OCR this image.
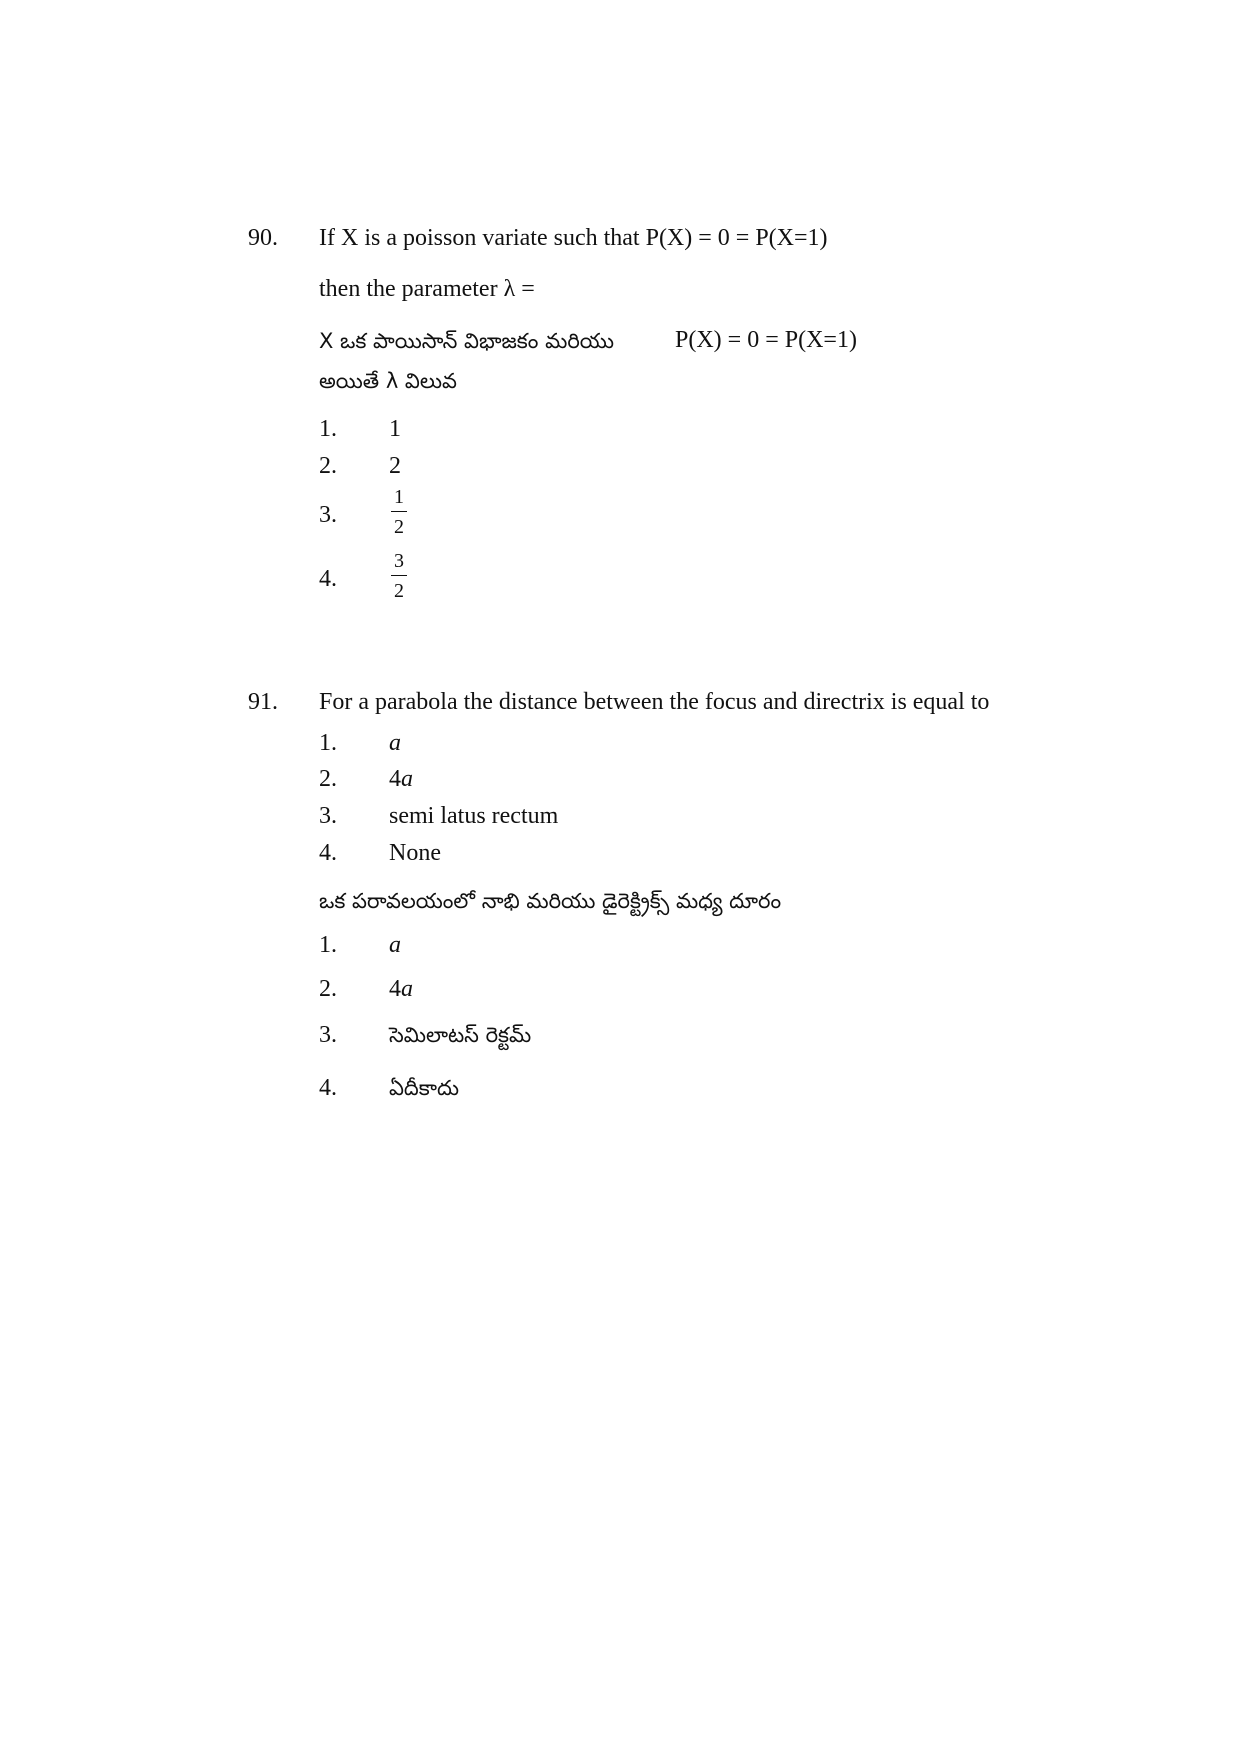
90. If X is a poisson variate such that P(X) = 0 = P(X=1)
then the parameter λ =
X ఒక పాయిసాన్ విభాజకం మరియు	P(X) = 0 = P(X=1)
అయితే λ విలువ
1. 1
2. 2
3.
1
2
4.
3
2
91. For a parabola the distance between the focus and directrix is equal to
1. a
2. 4a
3. semi latus rectum
4. None
ఒక పరావలయంలో నాభి మరియు డైరెక్ట్రిక్స్ మధ్య దూరం
1. a
2. 4a
3. సెమిలాటస్ రెక్టమ్
4. ఏదీకాదు
